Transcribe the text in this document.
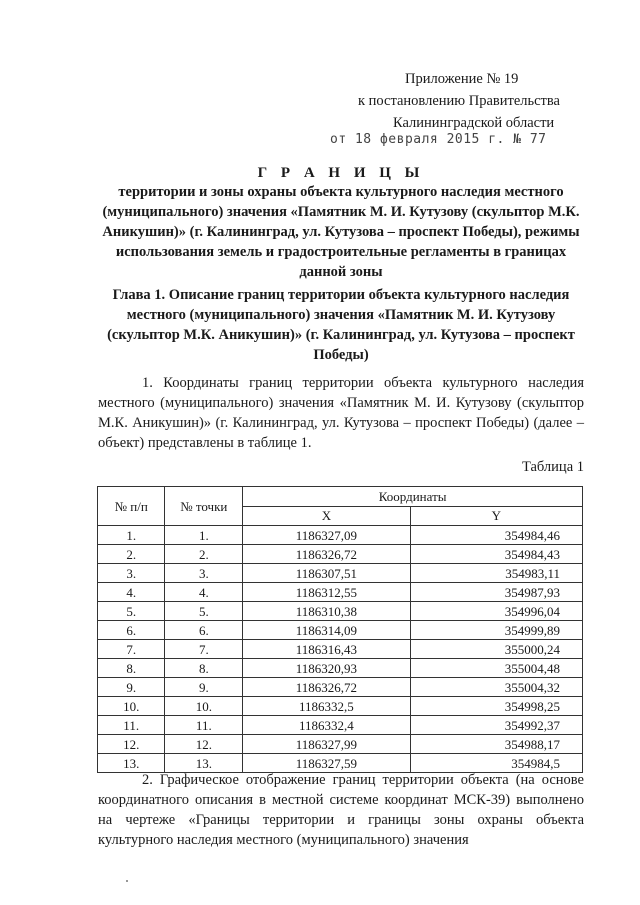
Приложение № 19
к постановлению Правительства
Калининградской области
от 18 февраля 2015 г. № 77
Г Р А Н И Ц Ы
территории и зоны охраны объекта культурного наследия местного (муниципального) значения «Памятник М. И. Кутузову (скульптор М.К. Аникушин)» (г. Калининград, ул. Кутузова – проспект Победы), режимы использования земель и градостроительные регламенты в границах данной зоны
Глава 1. Описание границ территории объекта культурного наследия местного (муниципального) значения «Памятник М. И. Кутузову (скульптор М.К. Аникушин)» (г. Калининград, ул. Кутузова – проспект Победы)
1. Координаты границ территории объекта культурного наследия местного (муниципального) значения «Памятник М. И. Кутузову (скульптор М.К. Аникушин)» (г. Калининград, ул. Кутузова – проспект Победы) (далее – объект) представлены в таблице 1.
Таблица 1
№ п/п	№ точки	Координаты	
		X	Y
1.	1.	1186327,09	354984,46
2.	2.	1186326,72	354984,43
3.	3.	1186307,51	354983,11
4.	4.	1186312,55	354987,93
5.	5.	1186310,38	354996,04
6.	6.	1186314,09	354999,89
7.	7.	1186316,43	355000,24
8.	8.	1186320,93	355004,48
9.	9.	1186326,72	355004,32
10.	10.	1186332,5	354998,25
11.	11.	1186332,4	354992,37
12.	12.	1186327,99	354988,17
13.	13.	1186327,59	354984,5
2. Графическое отображение границ территории объекта (на основе координатного описания в местной системе координат МСК-39) выполнено на чертеже «Границы территории и границы зоны охраны объекта культурного наследия местного (муниципального) значения
